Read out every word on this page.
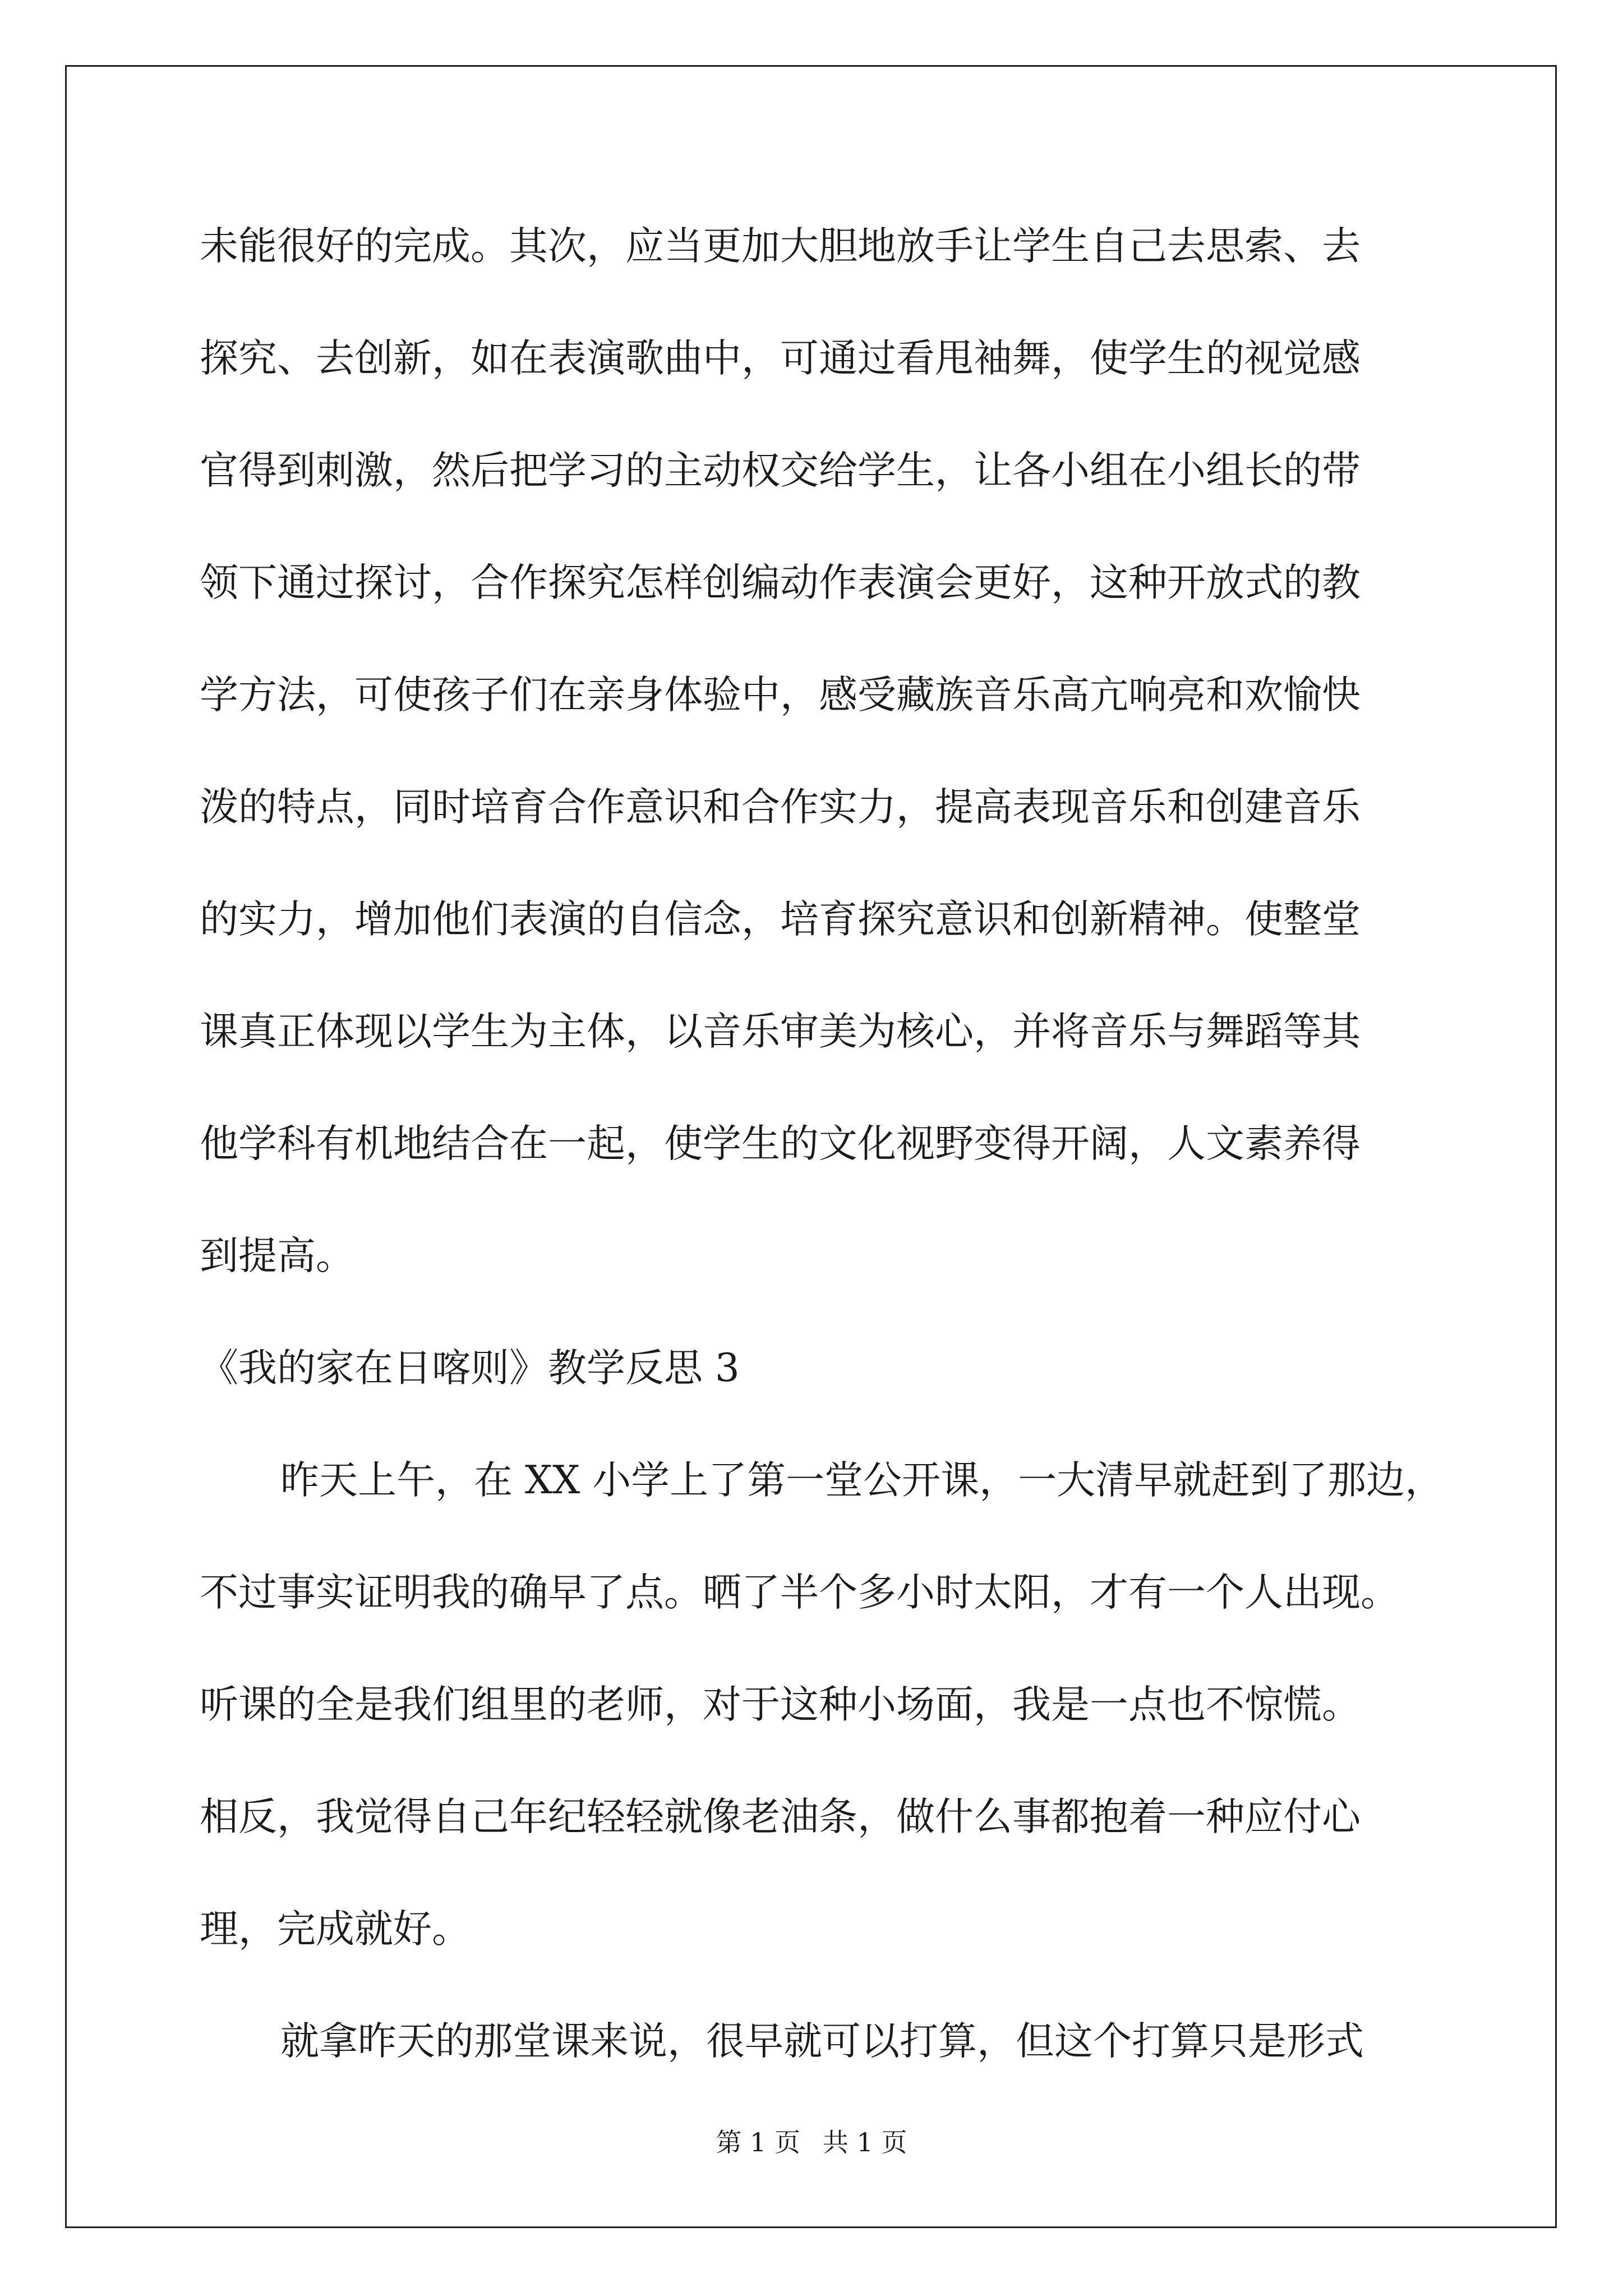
未能很好的完成。其次，应当更加大胆地放手让学生自己去思索、去
探究、去创新，如在表演歌曲中，可通过看甩袖舞，使学生的视觉感
官得到刺激，然后把学习的主动权交给学生，让各小组在小组长的带
领下通过探讨，合作探究怎样创编动作表演会更好，这种开放式的教
学方法，可使孩子们在亲身体验中，感受藏族音乐高亢响亮和欢愉快
泼的特点，同时培育合作意识和合作实力，提高表现音乐和创建音乐
的实力，增加他们表演的自信念，培育探究意识和创新精神。使整堂
课真正体现以学生为主体，以音乐审美为核心，并将音乐与舞蹈等其
他学科有机地结合在一起，使学生的文化视野变得开阔，人文素养得
到提高。
《我的家在日喀则》教学反思 3
昨天上午，在 XX 小学上了第一堂公开课，一大清早就赶到了那边，
不过事实证明我的确早了点。晒了半个多小时太阳，才有一个人出现。
听课的全是我们组里的老师，对于这种小场面，我是一点也不惊慌。
相反，我觉得自己年纪轻轻就像老油条，做什么事都抱着一种应付心
理，完成就好。
就拿昨天的那堂课来说，很早就可以打算，但这个打算只是形式
第 1 页 共 1 页
